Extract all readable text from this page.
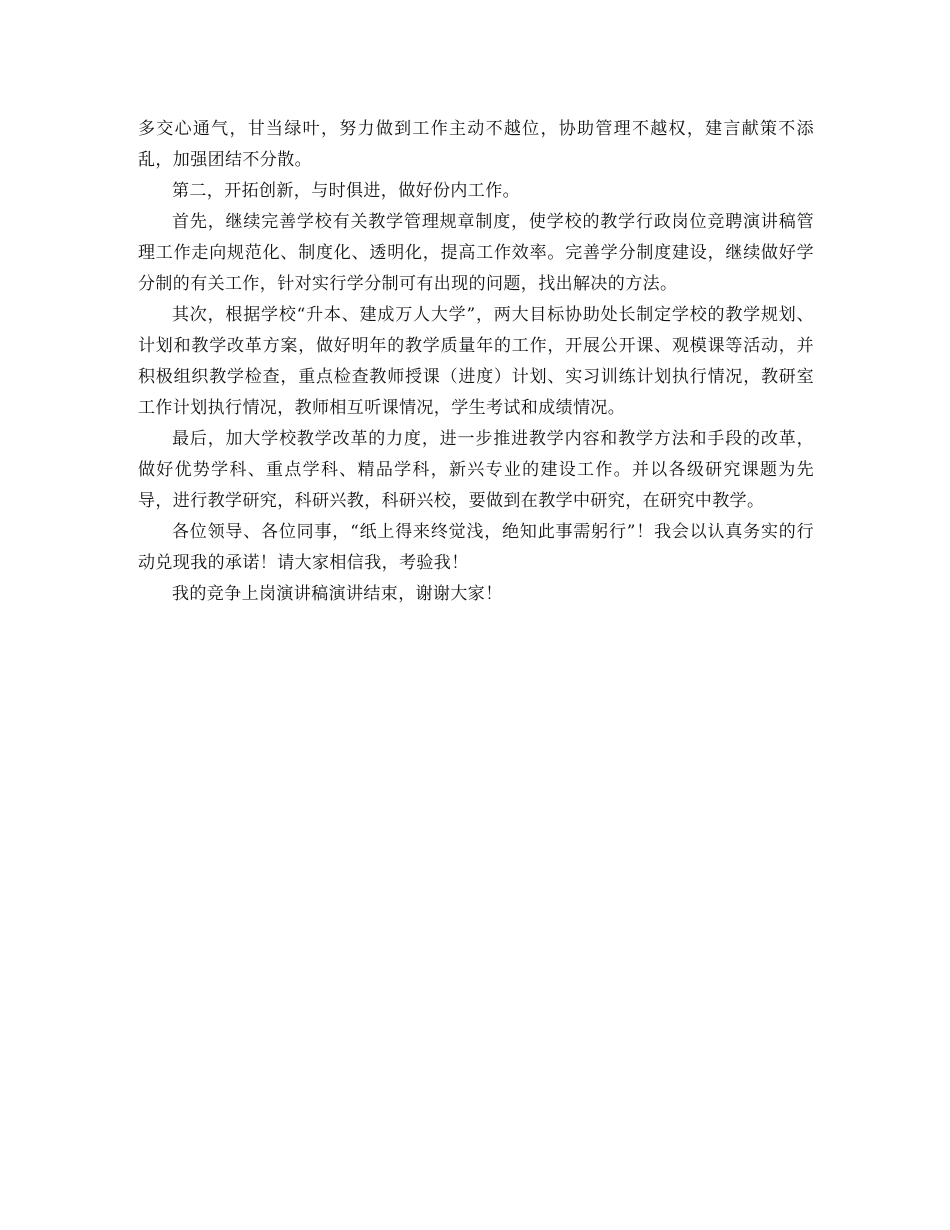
多交心通气，甘当绿叶，努力做到工作主动不越位，协助管理不越权，建言献策不添乱，加强团结不分散。

第二，开拓创新，与时俱进，做好份内工作。

首先，继续完善学校有关教学管理规章制度，使学校的教学行政岗位竞聘演讲稿管理工作走向规范化、制度化、透明化，提高工作效率。完善学分制度建设，继续做好学分制的有关工作，针对实行学分制可有出现的问题，找出解决的方法。

其次，根据学校“升本、建成万人大学”，两大目标协助处长制定学校的教学规划、计划和教学改革方案，做好明年的教学质量年的工作，开展公开课、观模课等活动，并积极组织教学检查，重点检查教师授课（进度）计划、实习训练计划执行情况，教研室工作计划执行情况，教师相互听课情况，学生考试和成绩情况。

最后，加大学校教学改革的力度，进一步推进教学内容和教学方法和手段的改革，做好优势学科、重点学科、精品学科，新兴专业的建设工作。并以各级研究课题为先导，进行教学研究，科研兴教，科研兴校，要做到在教学中研究，在研究中教学。

各位领导、各位同事，“纸上得来终觉浅，绝知此事需躬行”！我会以认真务实的行动兑现我的承诺！请大家相信我，考验我！

我的竞争上岗演讲稿演讲结束，谢谢大家！
